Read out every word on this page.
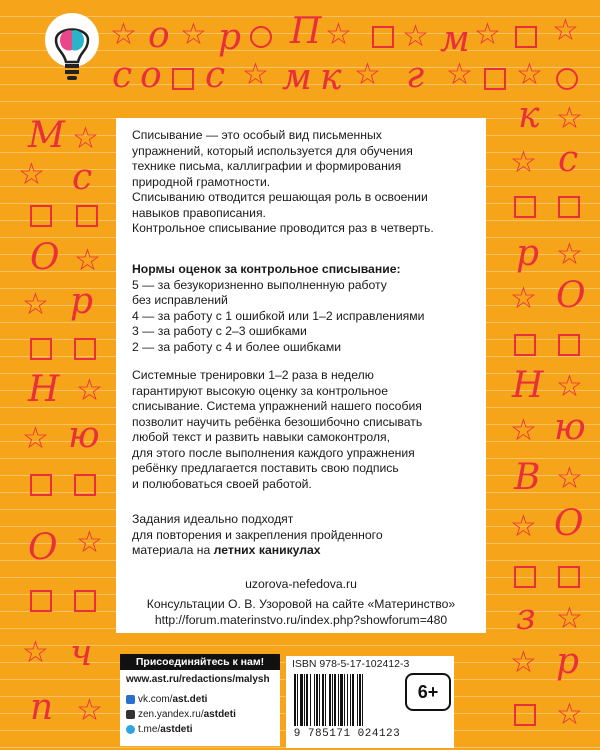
☆ о ☆ р П ☆ ☆ м ☆ ☆
с о с ☆ м к ☆ г ☆ ☆
М ☆
☆ с
О ☆
☆ р
Н ☆
☆ ю
О ☆
☆ ч
п ☆
к ☆
☆ с
р ☆
☆ О
Н ☆
☆ ю
В ☆
☆ О
з ☆
☆ р
☆

Списывание — это особый вид письменных

упражнений, который используется для обучения

технике письма, каллиграфии и формирования

природной грамотности.

Списыванию отводится решающая роль в освоении

навыков правописания.

Контрольное списывание проводится раз в четверть.

Нормы оценок за контрольное списывание:

5 — за безукоризненно выполненную работу

без исправлений

4 — за работу с 1 ошибкой или 1–2 исправлениями

3 — за работу с 2–3 ошибками

2 — за работу с 4 и более ошибками

Системные тренировки 1–2 раза в неделю

гарантируют высокую оценку за контрольное

списывание. Система упражнений нашего пособия

позволит научить ребёнка безошибочно списывать

любой текст и развить навыки самоконтроля,

для этого после выполнения каждого упражнения

ребёнку предлагается поставить свою подпись

и полюбоваться своей работой.

Задания идеально подходят

для повторения и закрепления пройденного

материала на летних каникулах

uzorova-nefedova.ru
Консультации О. В. Узоровой на сайте «Материнство»
http://forum.materinstvo.ru/index.php?showforum=480
Присоединяйтесь к нам!
www.ast.ru/redactions/malysh
vk.com/ast.deti
zen.yandex.ru/astdeti
t.me/astdeti
ISBN 978-5-17-102412-3
9 785171 024123
6+
